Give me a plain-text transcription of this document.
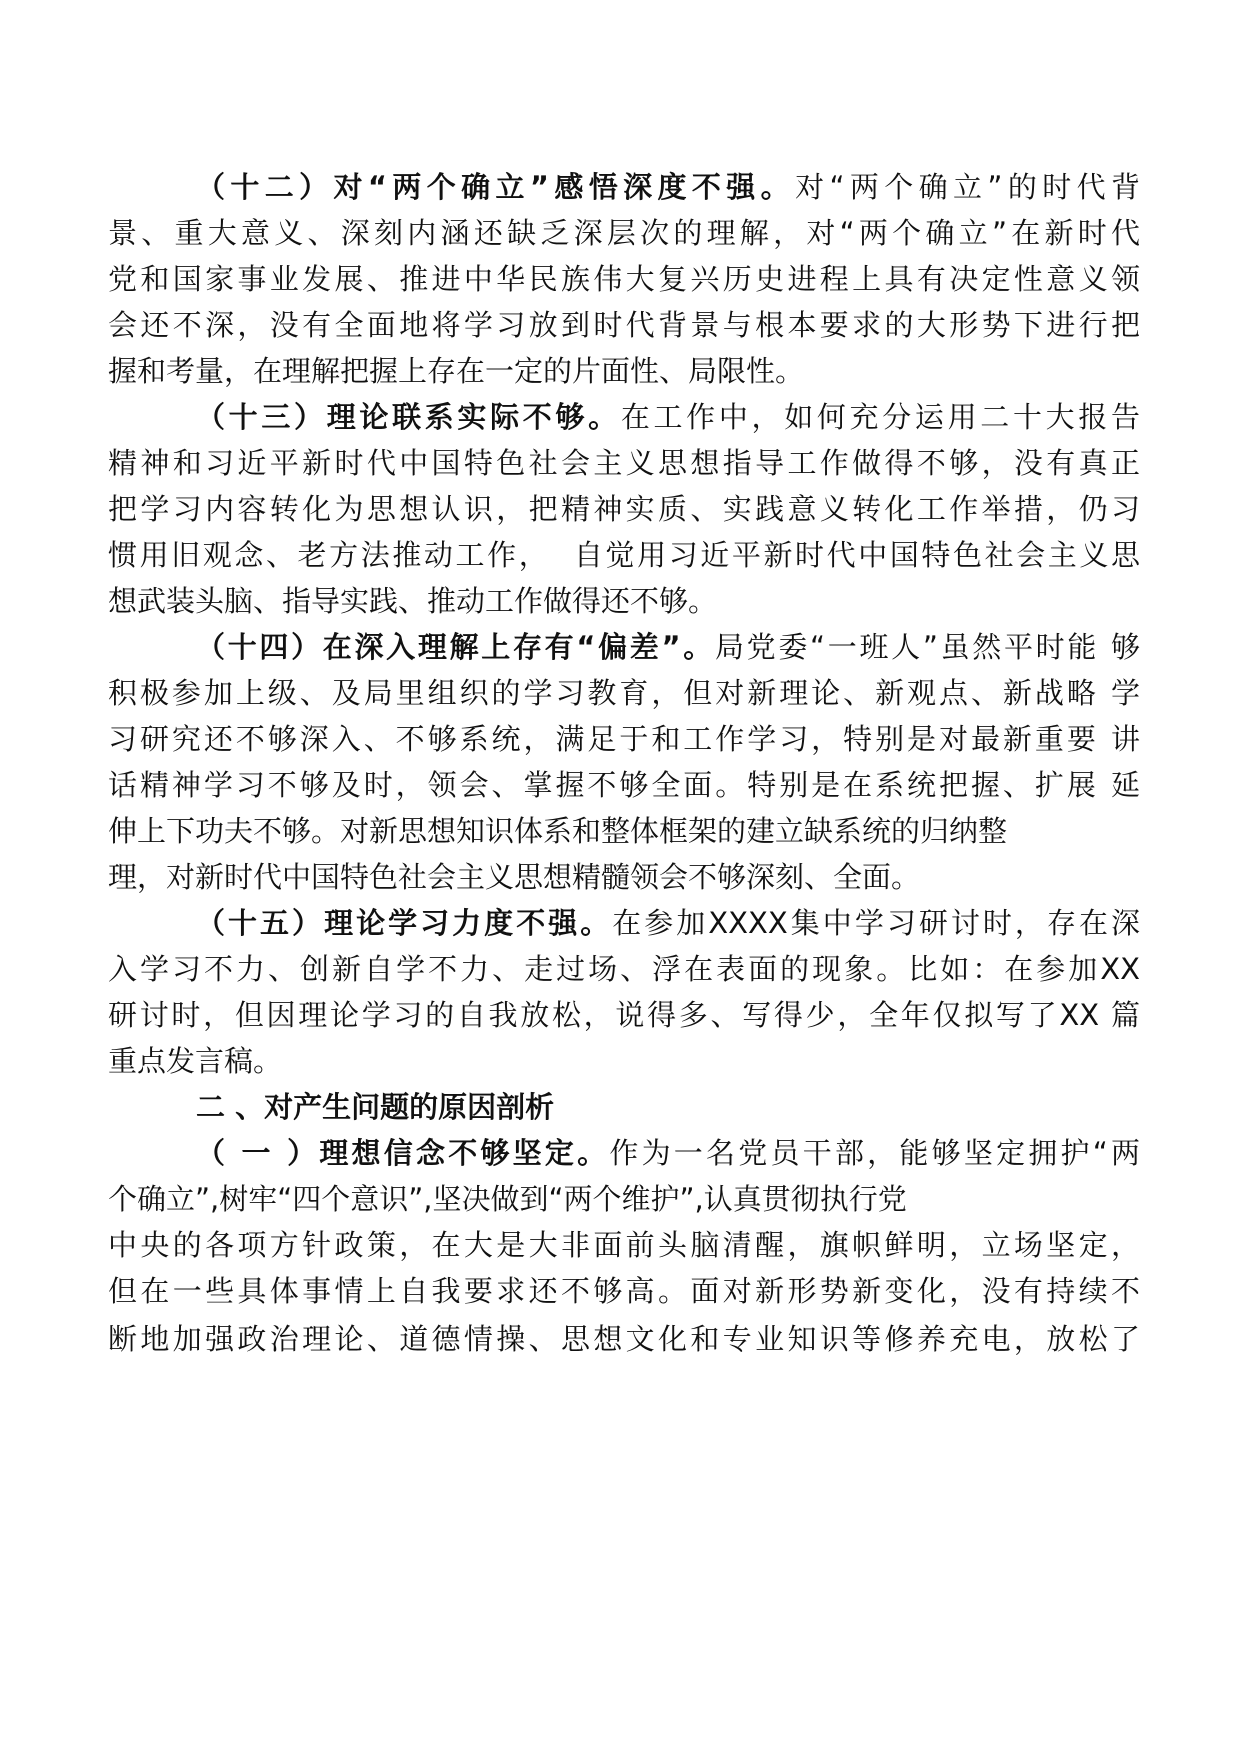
（十二）对“两个确立”感悟深度不强。对“两个确立”的时代背
景、重大意义、深刻内涵还缺乏深层次的理解，对“两个确立”在新时代
党和国家事业发展、推进中华民族伟大复兴历史进程上具有决定性意义领
会还不深，没有全面地将学习放到时代背景与根本要求的大形势下进行把
握和考量，在理解把握上存在一定的片面性、局限性。
（十三）理论联系实际不够。在工作中，如何充分运用二十大报告
精神和习近平新时代中国特色社会主义思想指导工作做得不够，没有真正
把学习内容转化为思想认识，把精神实质、实践意义转化工作举措，仍习
惯用旧观念、老方法推动工作，  自觉用习近平新时代中国特色社会主义思
想武装头脑、指导实践、推动工作做得还不够。
（十四）在深入理解上存有“偏差”。局党委“一班人”虽然平时能 够
积极参加上级、及局里组织的学习教育，但对新理论、新观点、新战略 学
习研究还不够深入、不够系统，满足于和工作学习，特别是对最新重要 讲
话精神学习不够及时，领会、掌握不够全面。特别是在系统把握、扩展 延
伸上下功夫不够。对新思想知识体系和整体框架的建立缺系统的归纳整
理，对新时代中国特色社会主义思想精髓领会不够深刻、全面。
（十五）理论学习力度不强。在参加XXXX集中学习研讨时，存在深
入学习不力、创新自学不力、走过场、浮在表面的现象。比如：在参加XX
研讨时，但因理论学习的自我放松，说得多、写得少，全年仅拟写了XX 篇
重点发言稿。
二 、对产生问题的原因剖析
（ 一 ）理想信念不够坚定。作为一名党员干部，能够坚定拥护“两
个确立”,树牢“四个意识”,坚决做到“两个维护”,认真贯彻执行党
中央的各项方针政策，在大是大非面前头脑清醒，旗帜鲜明，立场坚定，
但在一些具体事情上自我要求还不够高。面对新形势新变化，没有持续不
断地加强政治理论、道德情操、思想文化和专业知识等修养充电，放松了
